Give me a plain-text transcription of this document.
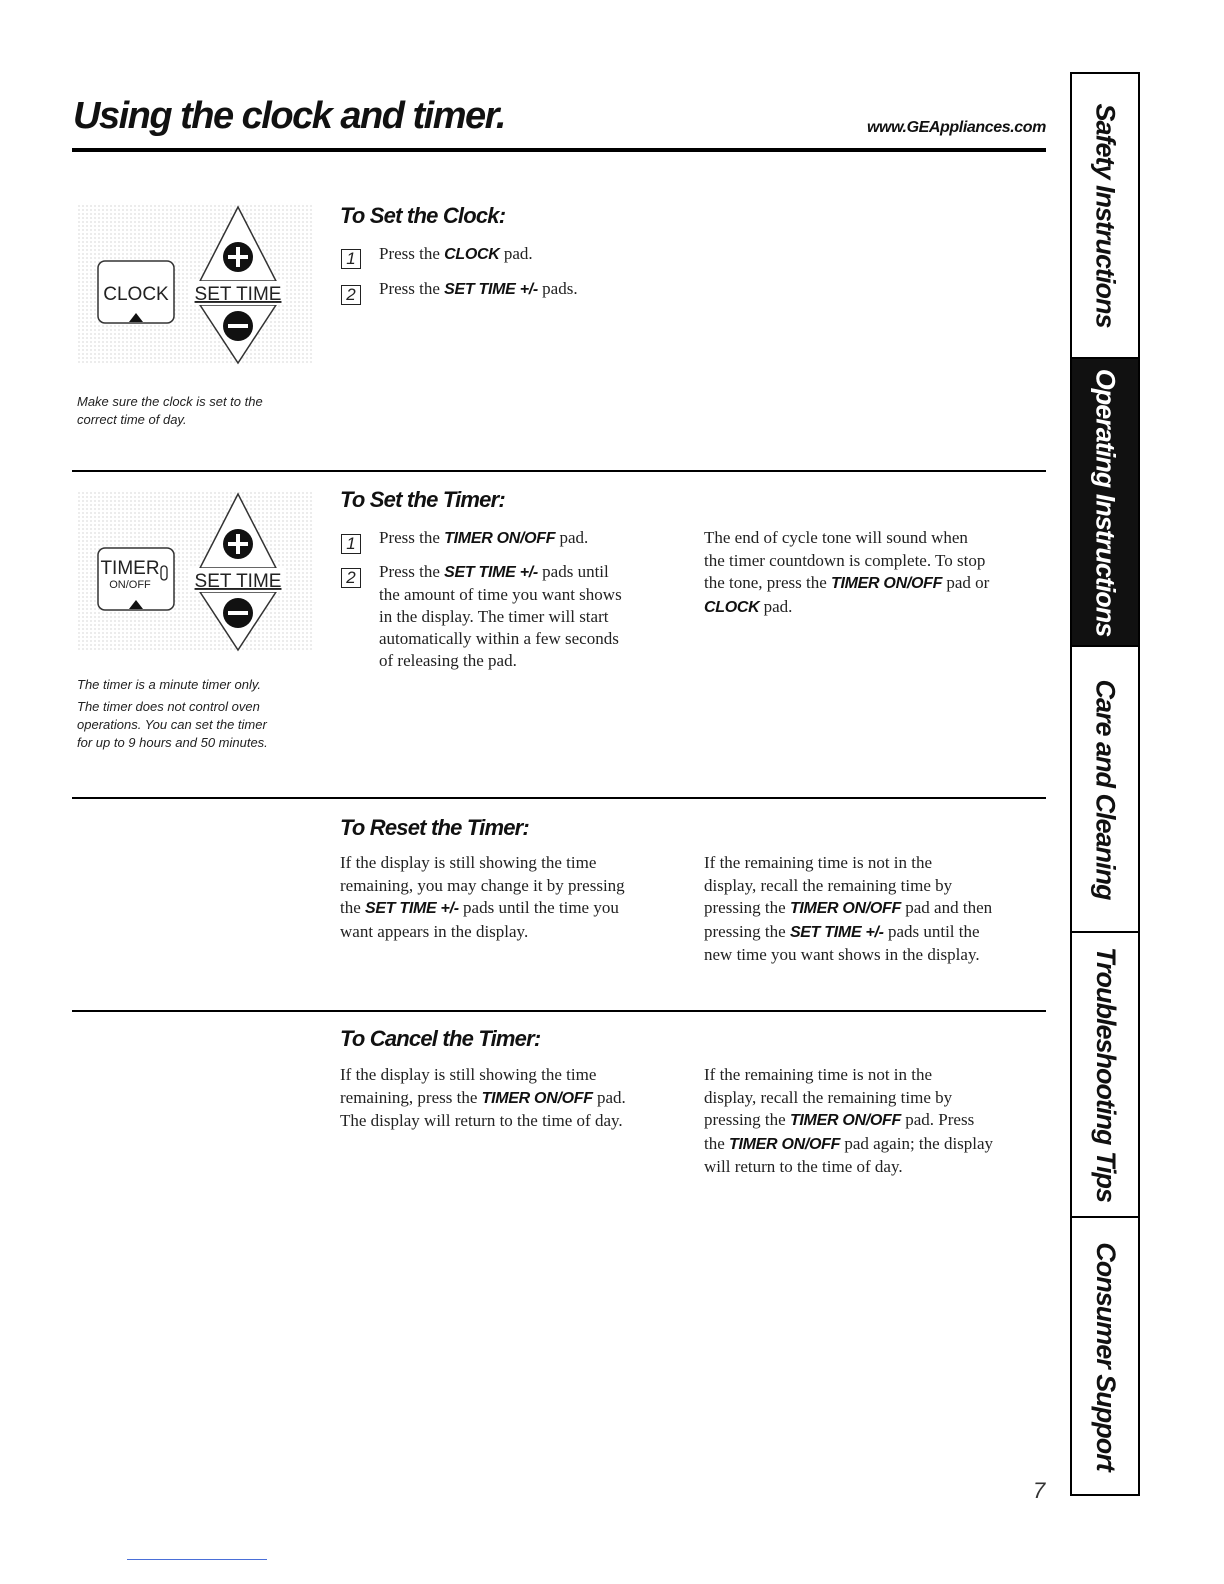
Using the clock and timer.	www.GEAppliances.com
CLOCK SET TIME
To Set the Clock:
1	Press the CLOCK pad.
2	Press the SET TIME +/- pads.
Make sure the clock is set to the
correct time of day.
TIMER
ON/OFF SET TIME
To Set the Timer:
1	Press the TIMER ON/OFF pad.
2	Press the SET TIME +/- pads until
the amount of time you want shows
in the display. The timer will start
automatically within a few seconds
of releasing the pad.
The end of cycle tone will sound when
the timer countdown is complete. To stop
the tone, press the TIMER ON/OFF pad or
CLOCK pad.
The timer is a minute timer only.
The timer does not control oven
operations. You can set the timer
for up to 9 hours and 50 minutes.
To Reset the Timer:
If the display is still showing the time
remaining, you may change it by pressing
the SET TIME +/- pads until the time you
want appears in the display.
If the remaining time is not in the
display, recall the remaining time by
pressing the TIMER ON/OFF pad and then
pressing the SET TIME +/- pads until the
new time you want shows in the display.
To Cancel the Timer:
If the display is still showing the time
remaining, press the TIMER ON/OFF pad.
The display will return to the time of day.
If the remaining time is not in the
display, recall the remaining time by
pressing the TIMER ON/OFF pad. Press
the TIMER ON/OFF pad again; the display
will return to the time of day.
Safety Instructions
Operating Instructions
Care and Cleaning
Troubleshooting Tips
Consumer Support
7
